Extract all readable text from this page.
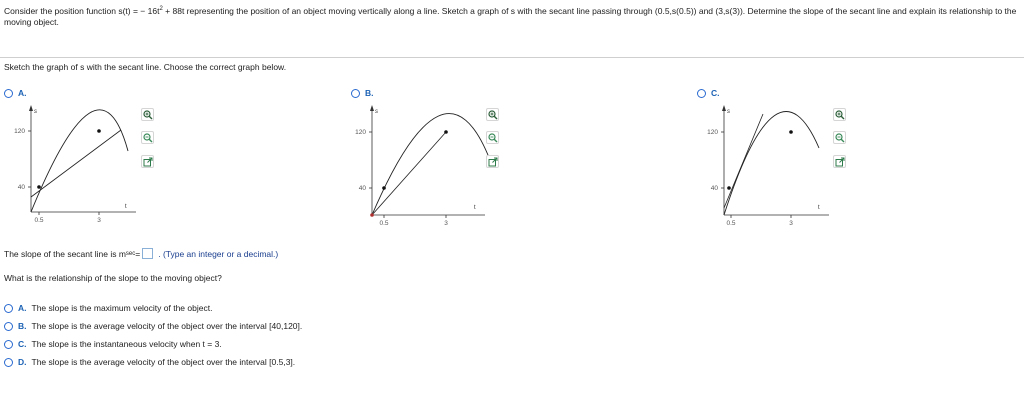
Consider the position function s(t) = − $16t^2 + 88t$ representing the position of an object moving vertically along a line. Sketch a graph of s with the secant line passing through (0.5,s(0.5)) and (3,s(3)). Determine the slope of the secant line and explain its relationship to the moving object.
Sketch the graph of s with the secant line. Choose the correct graph below.
A.
s
t
120
40
0.5	3
B.
s
t
120
40
0.5	3
C.
s
t
120
40
0.5	3
The slope of the secant line is m sec = . (Type an integer or a decimal.)
What is the relationship of the slope to the moving object?
A. The slope is the maximum velocity of the object.
B. The slope is the average velocity of the object over the interval [40,120].
C. The slope is the instantaneous velocity when t = 3.
D. The slope is the average velocity of the object over the interval [0.5,3].
